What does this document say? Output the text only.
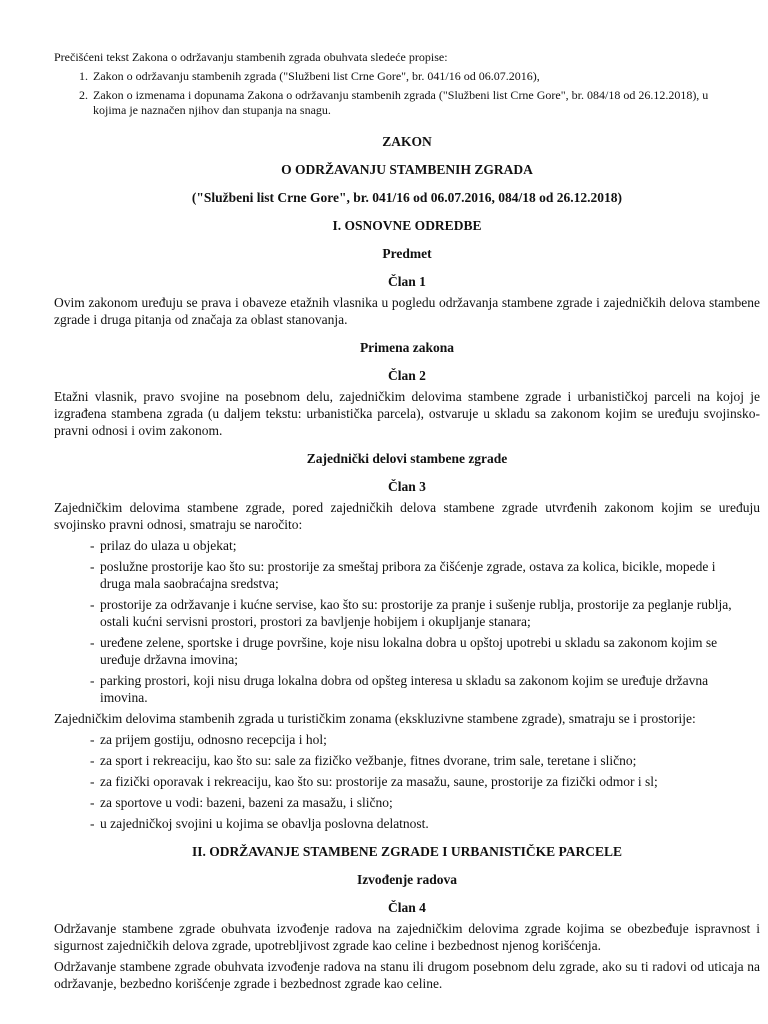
Prečišćeni tekst Zakona o održavanju stambenih zgrada obuhvata sledeće propise:
1. Zakon o održavanju stambenih zgrada ("Službeni list Crne Gore", br. 041/16 od 06.07.2016),
2. Zakon o izmenama i dopunama Zakona o održavanju stambenih zgrada ("Službeni list Crne Gore", br. 084/18 od 26.12.2018), u kojima je naznačen njihov dan stupanja na snagu.
ZAKON
O ODRŽAVANJU STAMBENIH ZGRADA
("Službeni list Crne Gore", br. 041/16 od 06.07.2016, 084/18 od 26.12.2018)
I. OSNOVNE ODREDBE
Predmet
Član 1
Ovim zakonom uređuju se prava i obaveze etažnih vlasnika u pogledu održavanja stambene zgrade i zajedničkih delova stambene zgrade i druga pitanja od značaja za oblast stanovanja.
Primena zakona
Član 2
Etažni vlasnik, pravo svojine na posebnom delu, zajedničkim delovima stambene zgrade i urbanističkoj parceli na kojoj je izgrađena stambena zgrada (u daljem tekstu: urbanistička parcela), ostvaruje u skladu sa zakonom kojim se uređuju svojinsko-pravni odnosi i ovim zakonom.
Zajednički delovi stambene zgrade
Član 3
Zajedničkim delovima stambene zgrade, pored zajedničkih delova stambene zgrade utvrđenih zakonom kojim se uređuju svojinsko pravni odnosi, smatraju se naročito:
- prilaz do ulaza u objekat;
- poslužne prostorije kao što su: prostorije za smeštaj pribora za čišćenje zgrade, ostava za kolica, bicikle, mopede i druga mala saobraćajna sredstva;
- prostorije za održavanje i kućne servise, kao što su: prostorije za pranje i sušenje rublja, prostorije za peglanje rublja, ostali kućni servisni prostori, prostori za bavljenje hobijem i okupljanje stanara;
- uređene zelene, sportske i druge površine, koje nisu lokalna dobra u opštoj upotrebi u skladu sa zakonom kojim se uređuje državna imovina;
- parking prostori, koji nisu druga lokalna dobra od opšteg interesa u skladu sa zakonom kojim se uređuje državna imovina.
Zajedničkim delovima stambenih zgrada u turističkim zonama (ekskluzivne stambene zgrade), smatraju se i prostorije:
- za prijem gostiju, odnosno recepcija i hol;
- za sport i rekreaciju, kao što su: sale za fizičko vežbanje, fitnes dvorane, trim sale, teretane i slično;
- za fizički oporavak i rekreaciju, kao što su: prostorije za masažu, saune, prostorije za fizički odmor i sl;
- za sportove u vodi: bazeni, bazeni za masažu, i slično;
- u zajedničkoj svojini u kojima se obavlja poslovna delatnost.
II. ODRŽAVANJE STAMBENE ZGRADE I URBANISTIČKE PARCELE
Izvođenje radova
Član 4
Održavanje stambene zgrade obuhvata izvođenje radova na zajedničkim delovima zgrade kojima se obezbeđuje ispravnost i sigurnost zajedničkih delova zgrade, upotrebljivost zgrade kao celine i bezbednost njenog korišćenja.
Održavanje stambene zgrade obuhvata izvođenje radova na stanu ili drugom posebnom delu zgrade, ako su ti radovi od uticaja na održavanje, bezbedno korišćenje zgrade i bezbednost zgrade kao celine.
